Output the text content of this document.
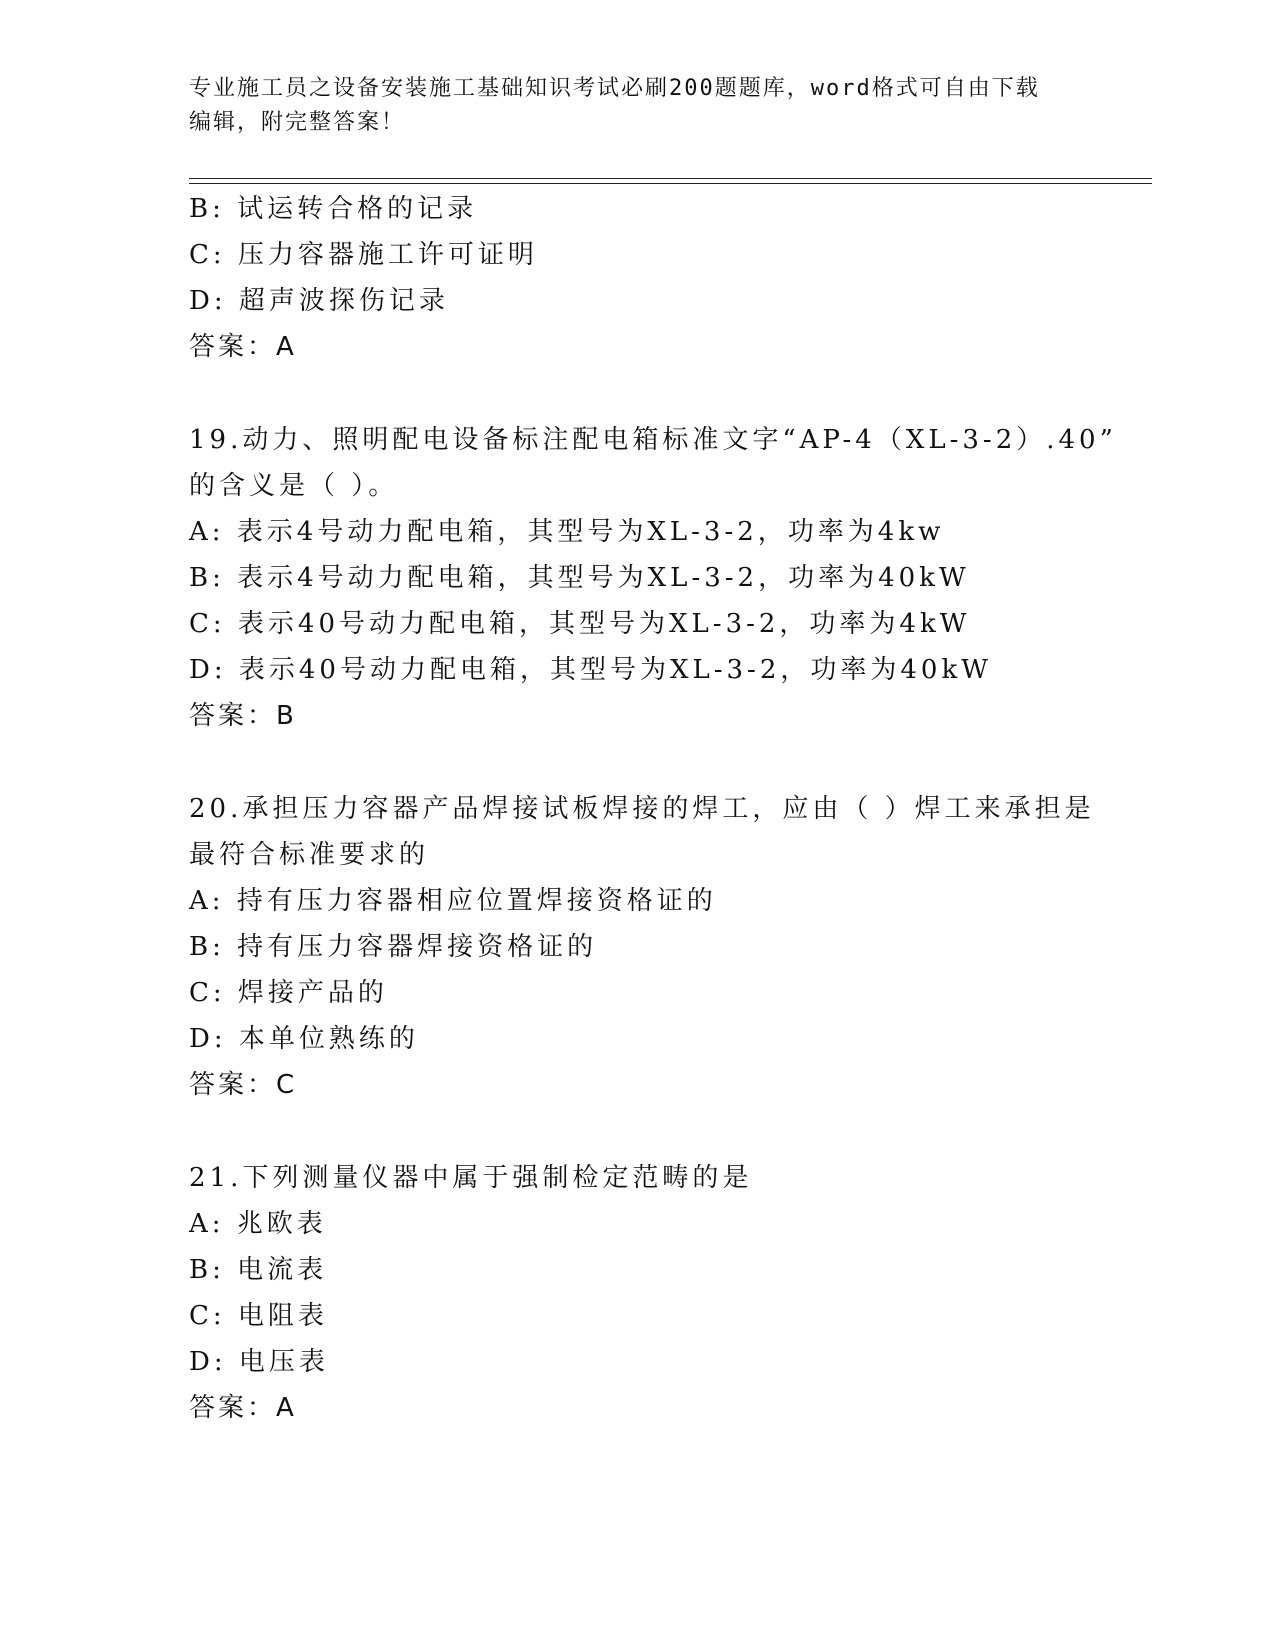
专业施工员之设备安装施工基础知识考试必刷200题题库，word格式可自由下载
编辑，附完整答案！
B: 试运转合格的记录
C: 压力容器施工许可证明
D: 超声波探伤记录
答案：A
19.动力、照明配电设备标注配电箱标准文字“AP-4（XL-3-2）.40”
的含义是（ ）。
A: 表示4号动力配电箱，其型号为XL-3-2，功率为4kw
B: 表示4号动力配电箱，其型号为XL-3-2，功率为40kW
C: 表示40号动力配电箱，其型号为XL-3-2，功率为4kW
D: 表示40号动力配电箱，其型号为XL-3-2，功率为40kW
答案：B
20.承担压力容器产品焊接试板焊接的焊工，应由（ ）焊工来承担是
最符合标准要求的
A: 持有压力容器相应位置焊接资格证的
B: 持有压力容器焊接资格证的
C: 焊接产品的
D: 本单位熟练的
答案：C
21.下列测量仪器中属于强制检定范畴的是
A: 兆欧表
B: 电流表
C: 电阻表
D: 电压表
答案：A
